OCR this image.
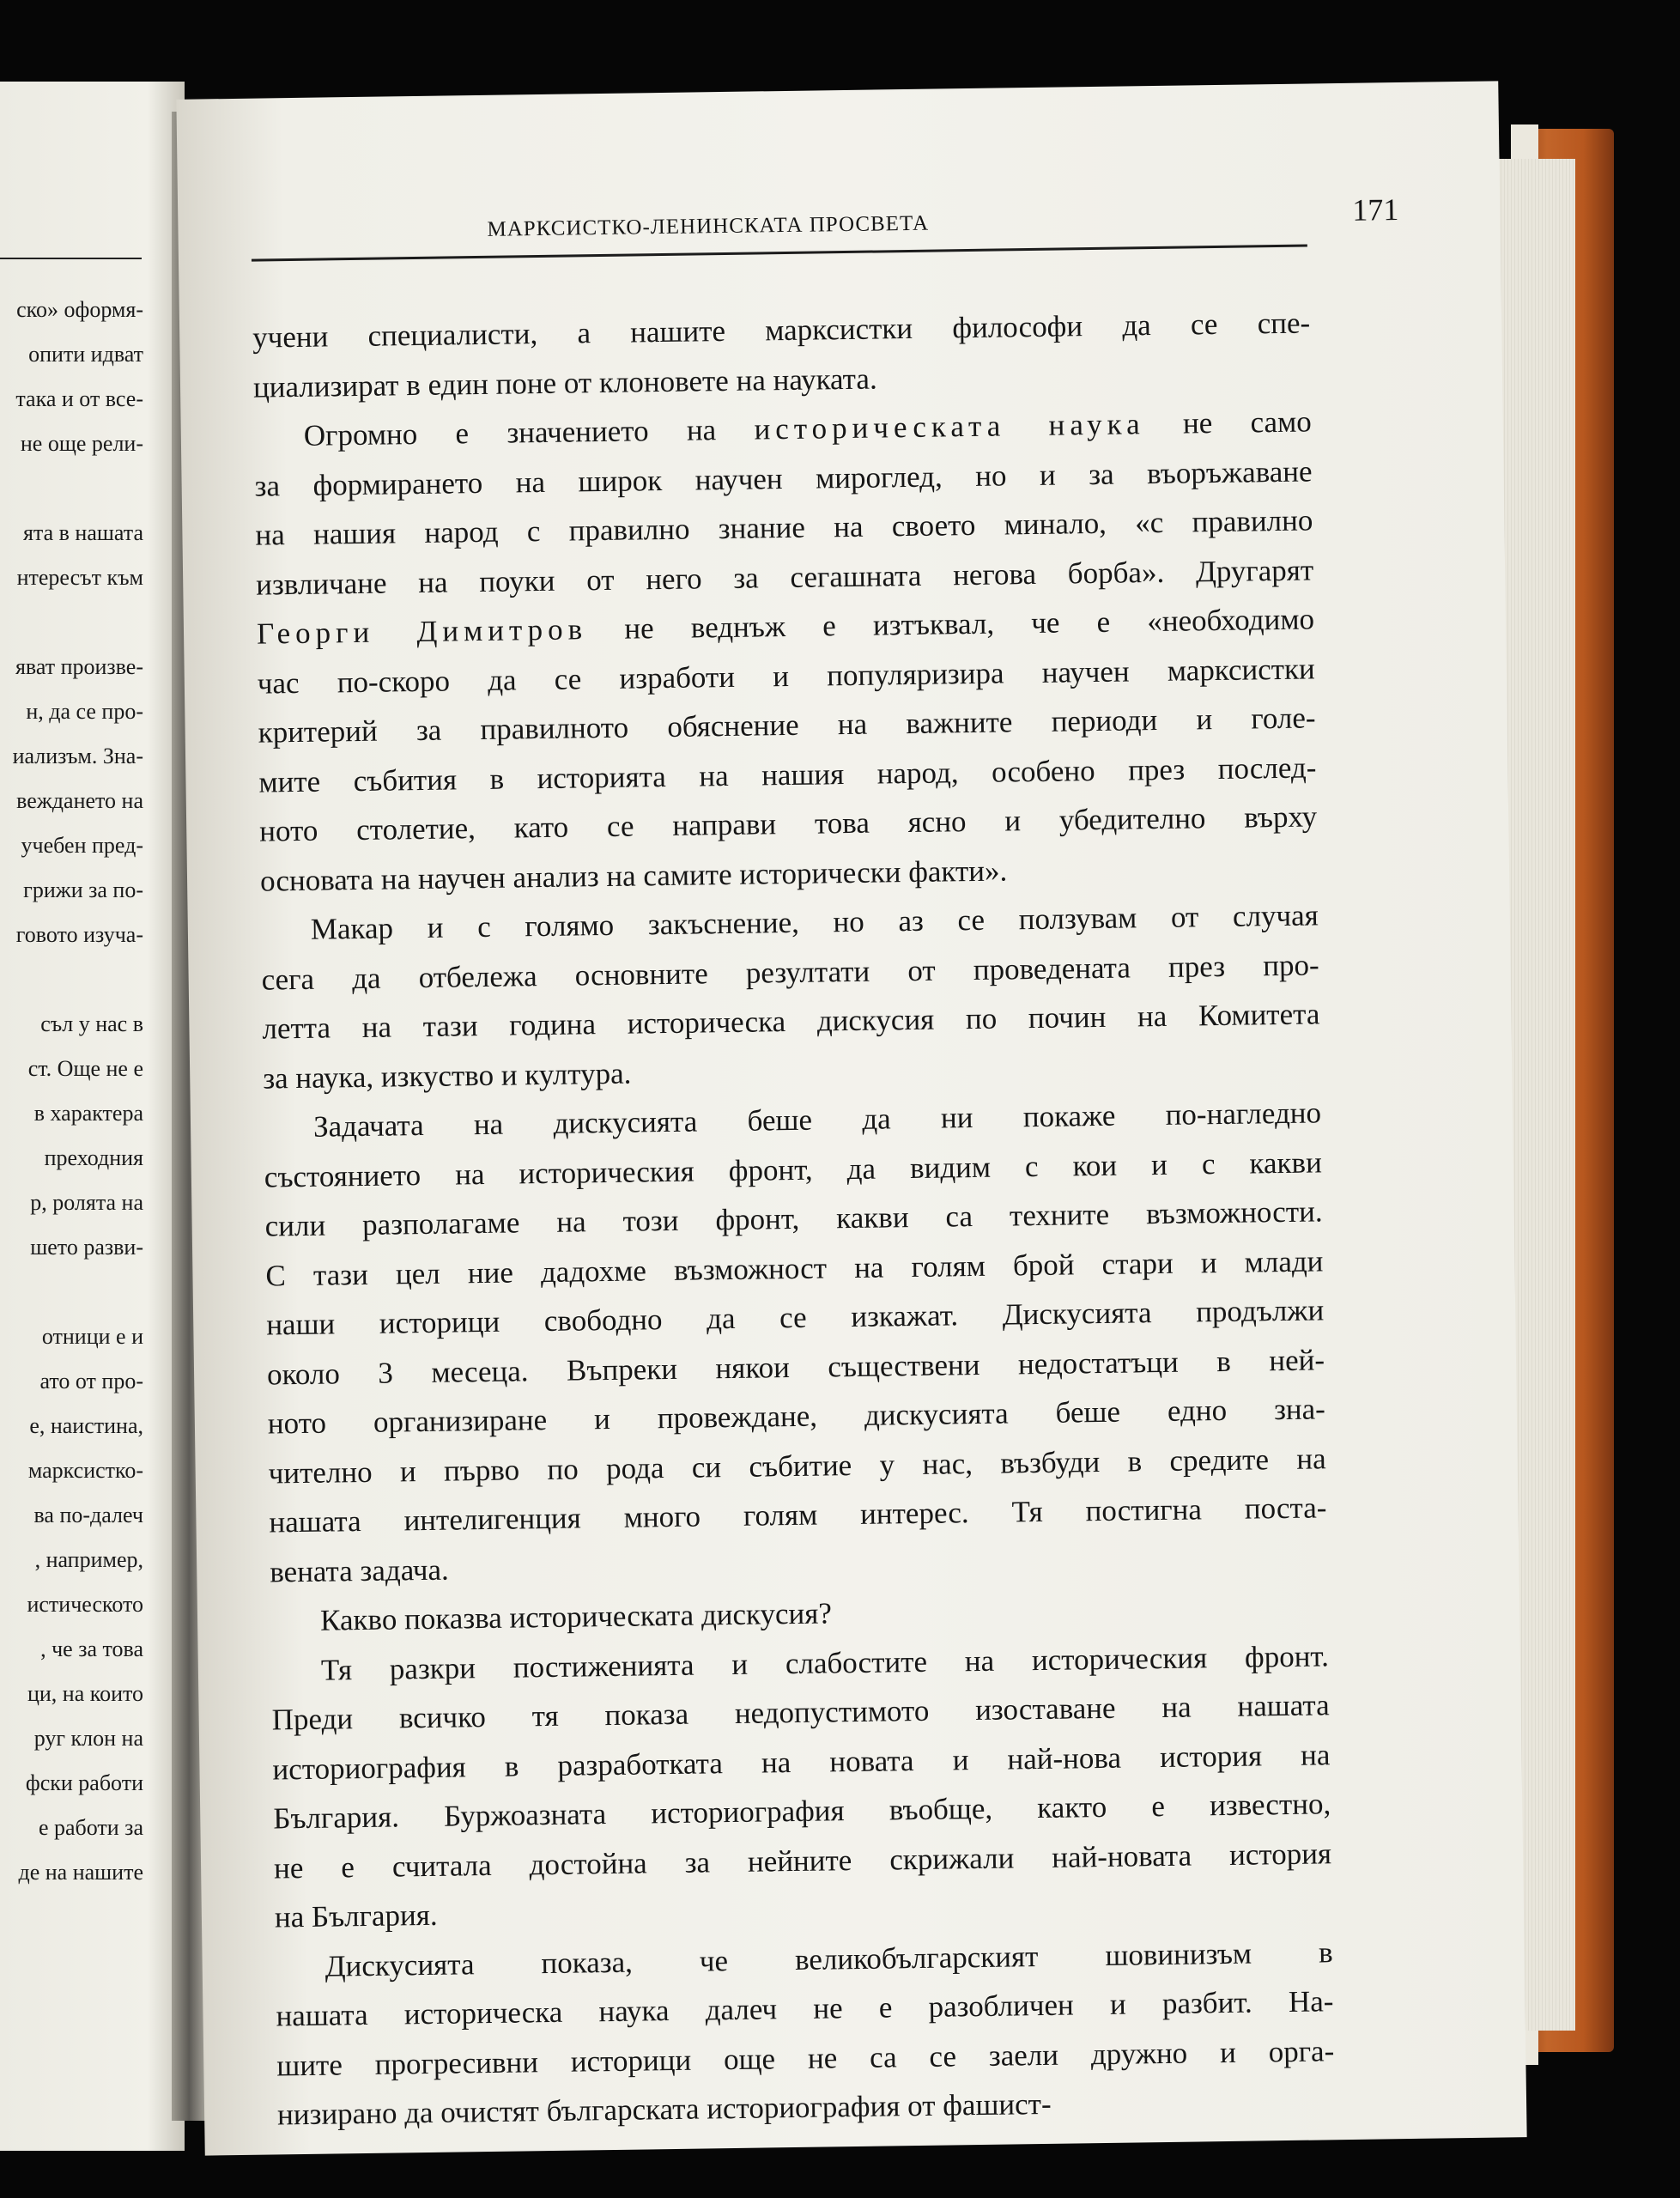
ско» оформя-
опити идват
така и от все-
не още рели-
ята в нашата
нтересът към
яват произве-
н, да се про-
иализъм. Зна-
веждането на
учебен пред-
грижи за по-
говото изуча-
съл у нас в
ст. Още не е
в характера
преходния
р, ролята на
шето разви-
отници е и
ато от про-
е, наистина,
марксистко-
ва по-далеч
, например,
истическото
, че за това
ци, на които
руг клон на
фски работи
е работи за
де на нашите
МАРКСИСТКО-ЛЕНИНСКАТА ПРОСВЕТА	171
учени специалисти, а нашите марксистки философи да се спе-
циализират в един поне от клоновете на науката.
Огромно е значението на историческата наука не само
за формирането на широк научен мироглед, но и за въоръжаване
на нашия народ с правилно знание на своето минало, «с правилно
извличане на поуки от него за сегашната негова борба». Другарят
Георги Димитров не веднъж е изтъквал, че е «необходимо
час по-скоро да се изработи и популяризира научен марксистки
критерий за правилното обяснение на важните периоди и голе-
мите събития в историята на нашия народ, особено през послед-
ното столетие, като се направи това ясно и убедително върху
основата на научен анализ на самите исторически факти».
Макар и с голямо закъснение, но аз се ползувам от случая
сега да отбележа основните резултати от проведената през про-
летта на тази година историческа дискусия по почин на Комитета
за наука, изкуство и култура.
Задачата на дискусията беше да ни покаже по-нагледно
състоянието на историческия фронт, да видим с кои и с какви
сили разполагаме на този фронт, какви са техните възможности.
С тази цел ние дадохме възможност на голям брой стари и млади
наши историци свободно да се изкажат. Дискусията продължи
около 3 месеца. Въпреки някои съществени недостатъци в ней-
ното организиране и провеждане, дискусията беше едно зна-
чително и първо по рода си събитие у нас, възбуди в средите на
нашата интелигенция много голям интерес. Тя постигна поста-
вената задача.
Какво показва историческата дискусия?
Тя разкри постиженията и слабостите на историческия фронт.
Преди всичко тя показа недопустимото изоставане на нашата
историография в разработката на новата и най-нова история на
България. Буржоазната историография въобще, както е известно,
не е считала достойна за нейните скрижали най-новата история
на България.
Дискусията показа, че великобългарският шовинизъм в
нашата историческа наука далеч не е разобличен и разбит. На-
шите прогресивни историци още не са се заели дружно и орга-
низирано да очистят българската историография от фашист-
